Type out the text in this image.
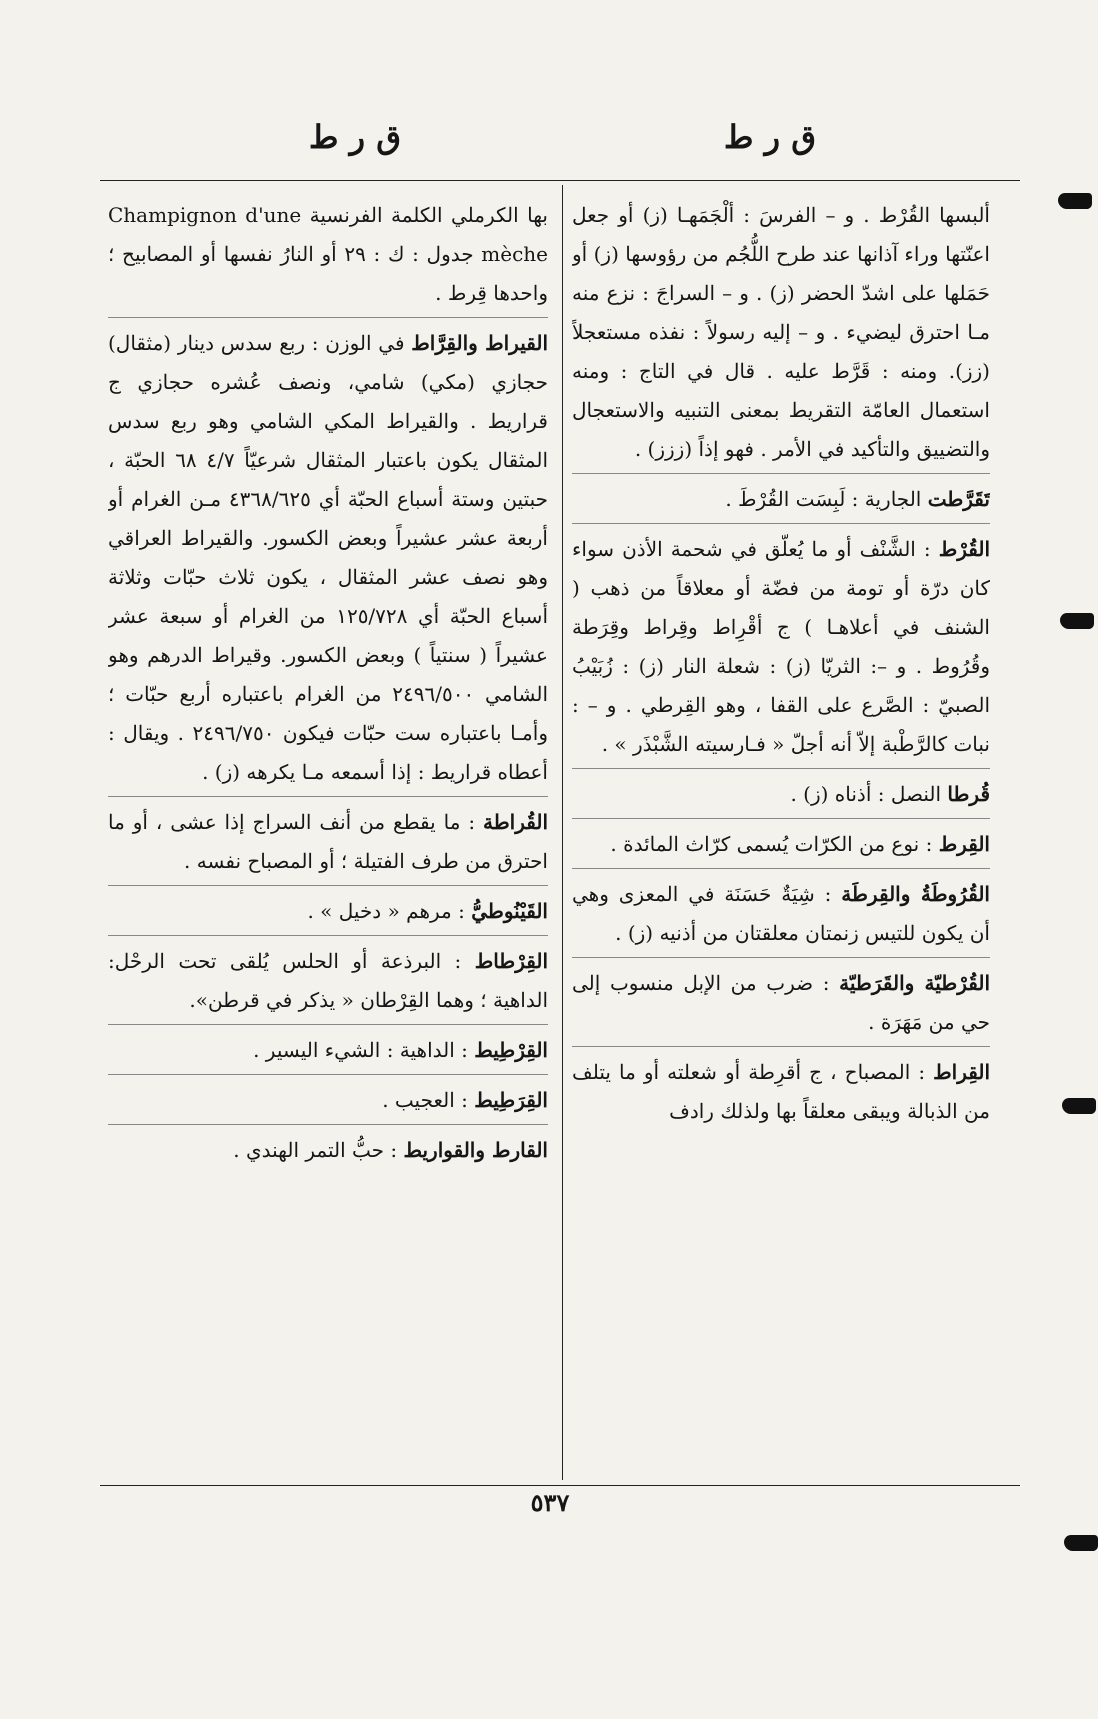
ق ر ط
ق ر ط
ألبسها القُرْط . و – الفرسَ : ألْجَمَهـا (ز) أو جعل اعنّتها وراء آذانها عند طرح اللُّجُم من رؤوسها (ز) أو حَمَلها على اشدّ الحضر (ز) . و – السراجَ : نزع منه مـا احترق ليضيء . و – إليه رسولاً : نفذه مستعجلاً (زز). ومنه : قَرَّط عليه . قال في التاج : ومنه استعمال العامّة التقريط بمعنى التنبيه والاستعجال والتضييق والتأكيد في الأمر . فهو إذاً (ززز) .
تَقَرَّطت الجارية : لَبِسَت القُرْطَ .
القُرْط : الشَّنْف أو ما يُعلّق في شحمة الأذن سواء كان درّة أو تومة من فضّة أو معلاقاً من ذهب ( الشنف في أعلاهـا ) ج أقْرِاط وقِراط وقِرَطة وقُرُوط . و –: الثريّا (ز) : شعلة النار (ز) : زُبَيْبُ الصبيّ : الصَّرع على القفا ، وهو القِرطي . و – : نبات كالرَّطْبة إلاّ أنه أجلّ « فـارسيته الشَّبْذَر » .
قُرطا النصل : أذناه (ز) .
القِرط : نوع من الكرّات يُسمى كرّاث المائدة .
القُرُوطَةُ والقِرطَة : شِيَةٌ حَسَنَة في المعزى وهي أن يكون للتيس زنمتان معلقتان من أذنيه (ز) .
القُرْطيّة والقَرَطيّة : ضرب من الإبل منسوب إلى حي من مَهَرَة .
القِراط : المصباح ، ج أقرِطة أو شعلته أو ما يتلف من الذبالة ويبقى معلقاً بها ولذلك رادف
بها الكرملي الكلمة الفرنسية Champignon d'une mèche جدول : ك : ٢٩ أو النارُ نفسها أو المصابيح ؛ واحدها قِرط .
القيراط والقِرَّاط في الوزن : ربع سدس دينار (مثقال) حجازي (مكي) شامي، ونصف عُشره حجازي ج قراريط . والقيراط المكي الشامي وهو ربع سدس المثقال يكون باعتبار المثقال شرعيّاً ٤/٧ ٦٨ الحبّة ، حبتين وستة أسباع الحبّة أي ٤٣٦٨/٦٢٥ مـن الغرام أو أربعة عشر عشيراً وبعض الكسور. والقيراط العراقي وهو نصف عشر المثقال ، يكون ثلاث حبّات وثلاثة أسباع الحبّة أي ١٢٥/٧٢٨ من الغرام أو سبعة عشر عشيراً ( سنتياً ) وبعض الكسور. وقيراط الدرهم وهو الشامي ٢٤٩٦/٥٠٠ من الغرام باعتباره أربع حبّات ؛ وأمـا باعتباره ست حبّات فيكون ٢٤٩٦/٧٥٠ . ويقال : أعطاه قراريط : إذا أسمعه مـا يكرهه (ز) .
القُراطة : ما يقطع من أنف السراج إذا عشى ، أو ما احترق من طرف الفتيلة ؛ أو المصباح نفسه .
القَيْنُوطيُّ : مرهم « دخيل » .
القِرْطاط : البرذعة أو الحلس يُلقى تحت الرحْل: الداهية ؛ وهما القِرْطان « يذكر في قرطن».
القِرْطِيط : الداهية : الشيء اليسير .
القِرَطِيط : العجيب .
القارط والقواريط : حبُّ التمر الهندي .
٥٣٧
